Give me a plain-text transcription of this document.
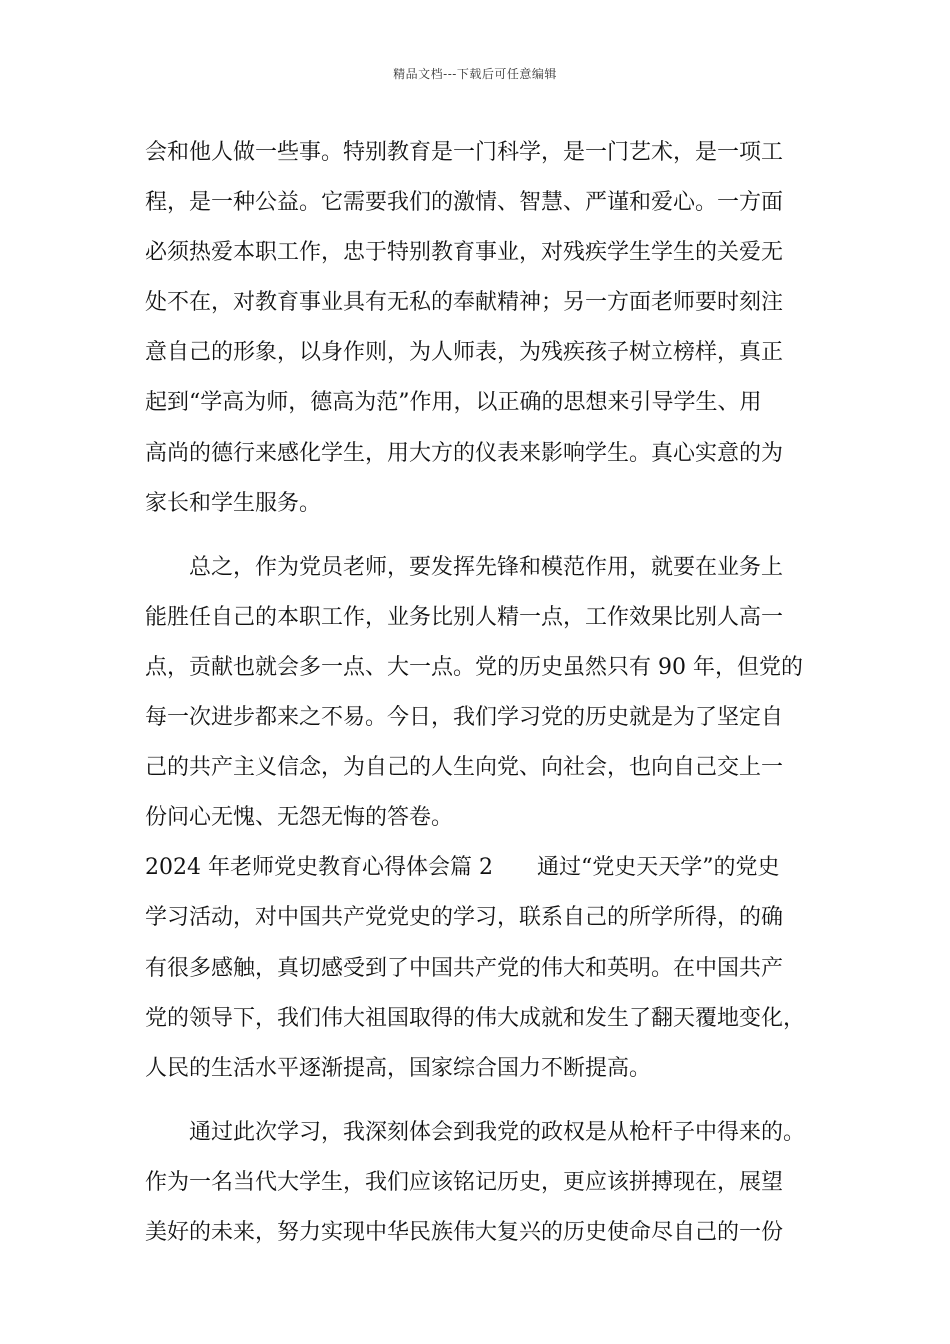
精品文档---下载后可任意编辑
会和他人做一些事。特别教育是一门科学，是一门艺术，是一项工
程，是一种公益。它需要我们的激情、智慧、严谨和爱心。一方面
必须热爱本职工作，忠于特别教育事业，对残疾学生学生的关爱无
处不在，对教育事业具有无私的奉献精神；另一方面老师要时刻注
意自己的形象，以身作则，为人师表，为残疾孩子树立榜样，真正
起到“学高为师，德高为范”作用，以正确的思想来引导学生、用
高尚的德行来感化学生，用大方的仪表来影响学生。真心实意的为
家长和学生服务。
总之，作为党员老师，要发挥先锋和模范作用，就要在业务上
能胜任自己的本职工作，业务比别人精一点，工作效果比别人高一
点，贡献也就会多一点、大一点。党的历史虽然只有 90 年，但党的
每一次进步都来之不易。今日，我们学习党的历史就是为了坚定自
己的共产主义信念，为自己的人生向党、向社会，也向自己交上一
份问心无愧、无怨无悔的答卷。
2024 年老师党史教育心得体会篇 2　　通过“党史天天学”的党史
学习活动，对中国共产党党史的学习，联系自己的所学所得，的确
有很多感触，真切感受到了中国共产党的伟大和英明。在中国共产
党的领导下，我们伟大祖国取得的伟大成就和发生了翻天覆地变化，
人民的生活水平逐渐提高，国家综合国力不断提高。
通过此次学习，我深刻体会到我党的政权是从枪杆子中得来的。
作为一名当代大学生，我们应该铭记历史，更应该拼搏现在，展望
美好的未来，努力实现中华民族伟大复兴的历史使命尽自己的一份
